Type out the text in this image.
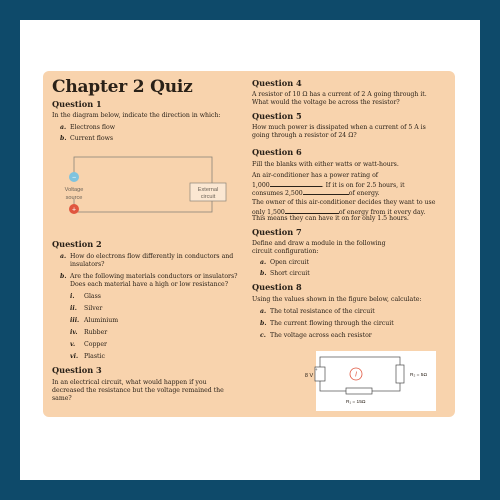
Chapter 2 Quiz
Question 1
In the diagram below, indicate the direction in which:
a. Electrons flow
b. Current flows
−
Voltage
source
+
External
circuit
Question 2
a. How do electrons flow differently in conductors and
insulators?
b. Are the following materials conductors or insulators?
Does each material have a high or low resistance?
i. Glass
ii. Silver
iii. Aluminium
iv. Rubber
v. Copper
vi. Plastic
Question 3
In an electrical circuit, what would happen if you
decreased the resistance but the voltage remained the
same?
Question 4
A resistor of 10 Ω has a current of 2 A going through it.
What would the voltage be across the resistor?
Question 5
How much power is dissipated when a current of 5 A is
going through a resistor of 24 Ω?
Question 6
Fill the blanks with either watts or watt-hours.
An air-conditioner has a power rating of
1,000	. If it is on for 2.5 hours, it
consumes 2,500	of energy.
The owner of this air-conditioner decides they want to use
only 1,500	of energy from it every day.
This means they can have it on for only 1.5 hours.
Question 7
Define and draw a module in the following
circuit configuration:
a. Open circuit
b. Short circuit
Question 8
Using the values shown in the figure below, calculate:
a. The total resistance of the circuit
b. The current flowing through the circuit
c. The voltage across each resistor
+
8 V	I	R₂ = 5Ω
R₁ = 15Ω
